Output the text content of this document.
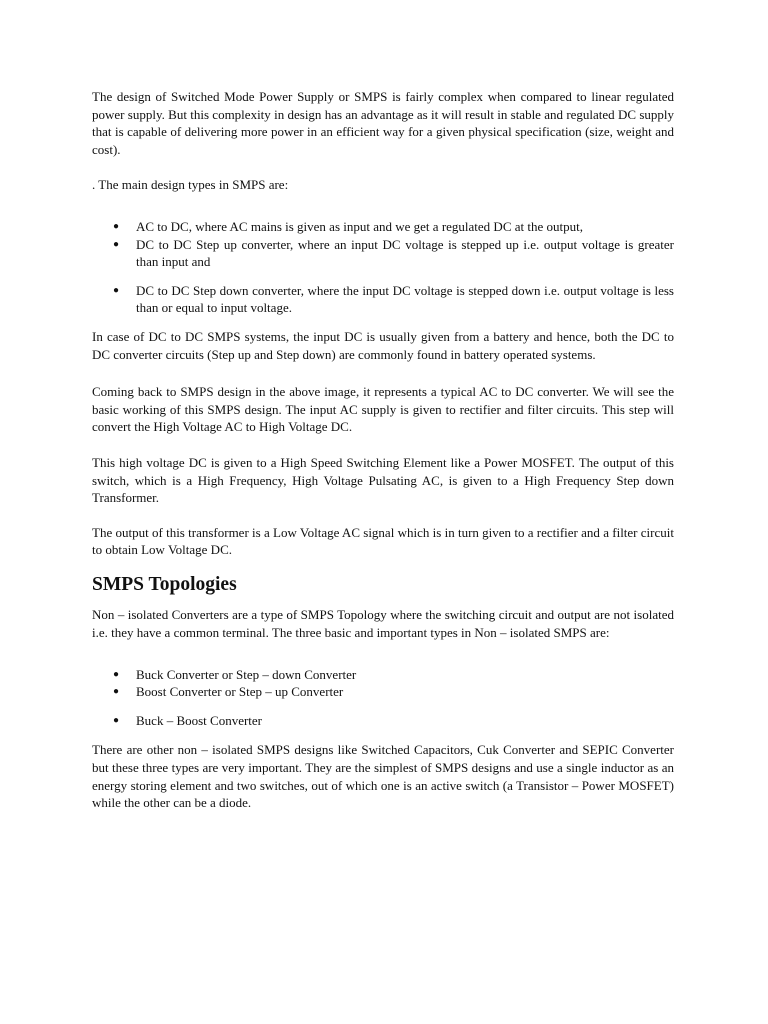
The design of Switched Mode Power Supply or SMPS is fairly complex when compared to linear regulated power supply. But this complexity in design has an advantage as it will result in stable and regulated DC supply that is capable of delivering more power in an efficient way for a given physical specification (size, weight and cost).

. The main design types in SMPS are:

● AC to DC, where AC mains is given as input and we get a regulated DC at the output,
● DC to DC Step up converter, where an input DC voltage is stepped up i.e. output voltage is greater than input and
● DC to DC Step down converter, where the input DC voltage is stepped down i.e. output voltage is less than or equal to input voltage.

In case of DC to DC SMPS systems, the input DC is usually given from a battery and hence, both the DC to DC converter circuits (Step up and Step down) are commonly found in battery operated systems.

Coming back to SMPS design in the above image, it represents a typical AC to DC converter. We will see the basic working of this SMPS design. The input AC supply is given to rectifier and filter circuits. This step will convert the High Voltage AC to High Voltage DC.

This high voltage DC is given to a High Speed Switching Element like a Power MOSFET. The output of this switch, which is a High Frequency, High Voltage Pulsating AC, is given to a High Frequency Step down Transformer.

The output of this transformer is a Low Voltage AC signal which is in turn given to a rectifier and a filter circuit to obtain Low Voltage DC.

SMPS Topologies

Non – isolated Converters are a type of SMPS Topology where the switching circuit and output are not isolated i.e. they have a common terminal. The three basic and important types in Non – isolated SMPS are:

● Buck Converter or Step – down Converter
● Boost Converter or Step – up Converter
● Buck – Boost Converter

There are other non – isolated SMPS designs like Switched Capacitors, Cuk Converter and SEPIC Converter but these three types are very important. They are the simplest of SMPS designs and use a single inductor as an energy storing element and two switches, out of which one is an active switch (a Transistor – Power MOSFET) while the other can be a diode.
